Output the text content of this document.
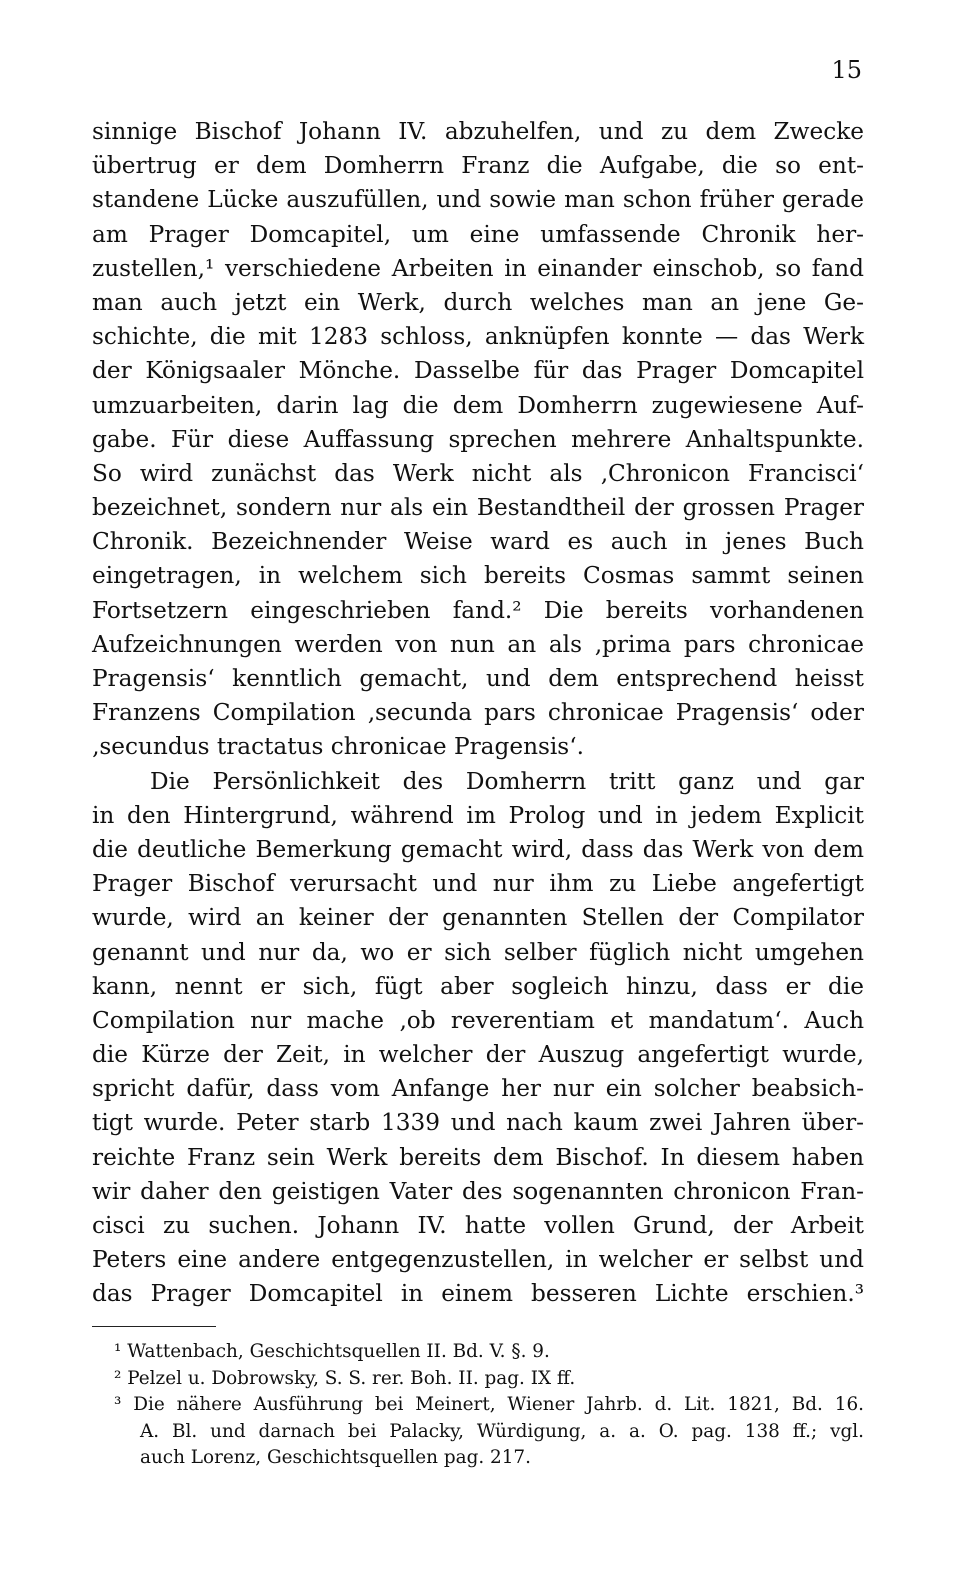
15
sinnige Bischof Johann IV. abzuhelfen, und zu dem Zwecke
übertrug er dem Domherrn Franz die Aufgabe, die so ent-
standene Lücke auszufüllen, und sowie man schon früher gerade
am Prager Domcapitel, um eine umfassende Chronik her-
zustellen,¹ verschiedene Arbeiten in einander einschob, so fand
man auch jetzt ein Werk, durch welches man an jene Ge-
schichte, die mit 1283 schloss, anknüpfen konnte — das Werk
der Königsaaler Mönche. Dasselbe für das Prager Domcapitel
umzuarbeiten, darin lag die dem Domherrn zugewiesene Auf-
gabe. Für diese Auffassung sprechen mehrere Anhaltspunkte.
So wird zunächst das Werk nicht als ‚Chronicon Francisci‘
bezeichnet, sondern nur als ein Bestandtheil der grossen Prager
Chronik. Bezeichnender Weise ward es auch in jenes Buch
eingetragen, in welchem sich bereits Cosmas sammt seinen
Fortsetzern eingeschrieben fand.² Die bereits vorhandenen
Aufzeichnungen werden von nun an als ‚prima pars chronicae
Pragensis‘ kenntlich gemacht, und dem entsprechend heisst
Franzens Compilation ‚secunda pars chronicae Pragensis‘ oder
‚secundus tractatus chronicae Pragensis‘.
Die Persönlichkeit des Domherrn tritt ganz und gar
in den Hintergrund, während im Prolog und in jedem Explicit
die deutliche Bemerkung gemacht wird, dass das Werk von dem
Prager Bischof verursacht und nur ihm zu Liebe angefertigt
wurde, wird an keiner der genannten Stellen der Compilator
genannt und nur da, wo er sich selber füglich nicht umgehen
kann, nennt er sich, fügt aber sogleich hinzu, dass er die
Compilation nur mache ‚ob reverentiam et mandatum‘. Auch
die Kürze der Zeit, in welcher der Auszug angefertigt wurde,
spricht dafür, dass vom Anfange her nur ein solcher beabsich-
tigt wurde. Peter starb 1339 und nach kaum zwei Jahren über-
reichte Franz sein Werk bereits dem Bischof. In diesem haben
wir daher den geistigen Vater des sogenannten chronicon Fran-
cisci zu suchen. Johann IV. hatte vollen Grund, der Arbeit
Peters eine andere entgegenzustellen, in welcher er selbst und
das Prager Domcapitel in einem besseren Lichte erschien.³
¹ Wattenbach, Geschichtsquellen II. Bd. V. §. 9.
² Pelzel u. Dobrowsky, S. S. rer. Boh. II. pag. IX ff.
³ Die nähere Ausführung bei Meinert, Wiener Jahrb. d. Lit. 1821, Bd. 16.
A. Bl. und darnach bei Palacky, Würdigung, a. a. O. pag. 138 ff.; vgl.
auch Lorenz, Geschichtsquellen pag. 217.
